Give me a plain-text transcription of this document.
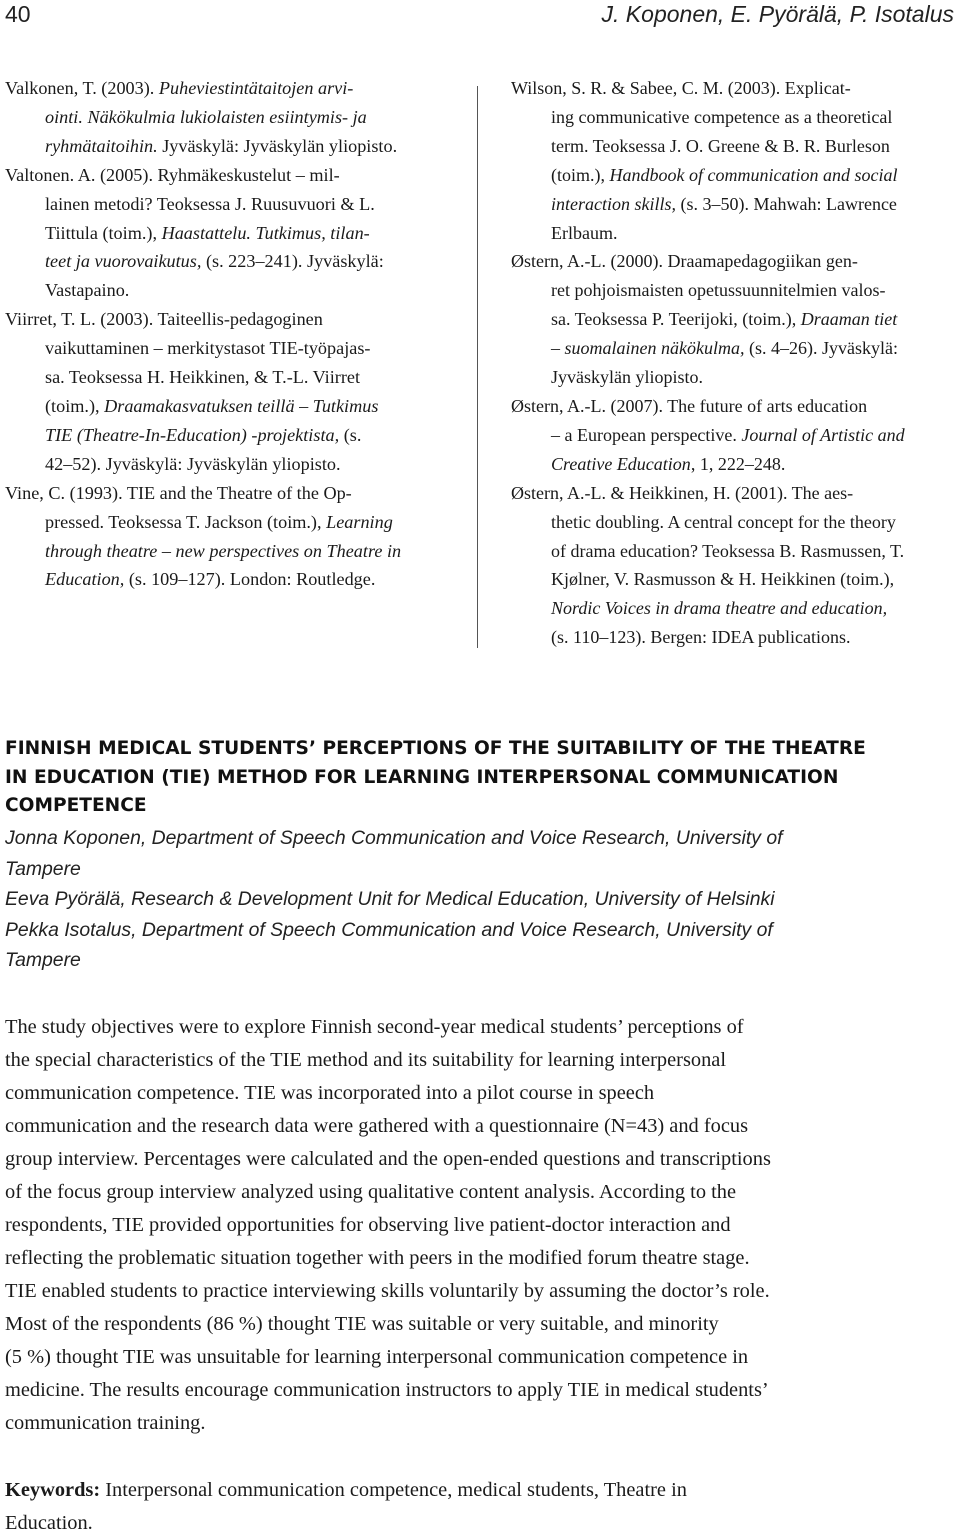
40	J. Koponen, E. Pyörälä, P. Isotalus
Valkonen, T. (2003). Puheviestintätaitojen arvi-
ointi. Näkökulmia lukiolaisten esiintymis- ja
ryhmätaitoihin. Jyväskylä: Jyväskylän yliopisto.
Valtonen. A. (2005). Ryhmäkeskustelut – mil-
lainen metodi? Teoksessa J. Ruusuvuori & L.
Tiittula (toim.), Haastattelu. Tutkimus, tilan-
teet ja vuorovaikutus, (s. 223–241). Jyväskylä:
Vastapaino.
Viirret, T. L. (2003). Taiteellis-pedagoginen
vaikuttaminen – merkitystasot TIE-työpajas-
sa. Teoksessa H. Heikkinen, & T.-L. Viirret
(toim.), Draamakasvatuksen teillä – Tutkimus
TIE (Theatre-In-Education) -projektista, (s.
42–52). Jyväskylä: Jyväskylän yliopisto.
Vine, C. (1993). TIE and the Theatre of the Op-
pressed. Teoksessa T. Jackson (toim.), Learning
through theatre – new perspectives on Theatre in
Education, (s. 109–127). London: Routledge.
Wilson, S. R. & Sabee, C. M. (2003). Explicat-
ing communicative competence as a theoretical
term. Teoksessa J. O. Greene & B. R. Burleson
(toim.), Handbook of communication and social
interaction skills, (s. 3–50). Mahwah: Lawrence
Erlbaum.
Østern, A.-L. (2000). Draamapedagogiikan gen-
ret pohjoismaisten opetussuunnitelmien valos-
sa. Teoksessa P. Teerijoki, (toim.), Draaman tiet
– suomalainen näkökulma, (s. 4–26). Jyväskylä:
Jyväskylän yliopisto.
Østern, A.-L. (2007). The future of arts education
– a European perspective. Journal of Artistic and
Creative Education, 1, 222–248.
Østern, A.-L. & Heikkinen, H. (2001). The aes-
thetic doubling. A central concept for the theory
of drama education? Teoksessa B. Rasmussen, T.
Kjølner, V. Rasmusson & H. Heikkinen (toim.),
Nordic Voices in drama theatre and education,
(s. 110–123). Bergen: IDEA publications.
FINNISH MEDICAL STUDENTS’ PERCEPTIONS OF THE SUITABILITY OF THE THEATRE
IN EDUCATION (TIE) METHOD FOR LEARNING INTERPERSONAL COMMUNICATION
COMPETENCE
Jonna Koponen, Department of Speech Communication and Voice Research, University of
Tampere
Eeva Pyörälä, Research & Development Unit for Medical Education, University of Helsinki
Pekka Isotalus, Department of Speech Communication and Voice Research, University of
Tampere
The study objectives were to explore Finnish second-year medical students’ perceptions of
the special characteristics of the TIE method and its suitability for learning interpersonal
communication competence. TIE was incorporated into a pilot course in speech
communication and the research data were gathered with a questionnaire (N=43) and focus
group interview. Percentages were calculated and the open-ended questions and transcriptions
of the focus group interview analyzed using qualitative content analysis. According to the
respondents, TIE provided opportunities for observing live patient-doctor interaction and
reflecting the problematic situation together with peers in the modified forum theatre stage.
TIE enabled students to practice interviewing skills voluntarily by assuming the doctor’s role.
Most of the respondents (86 %) thought TIE was suitable or very suitable, and minority
(5 %) thought TIE was unsuitable for learning interpersonal communication competence in
medicine. The results encourage communication instructors to apply TIE in medical students’
communication training.
Keywords: Interpersonal communication competence, medical students, Theatre in
Education.
